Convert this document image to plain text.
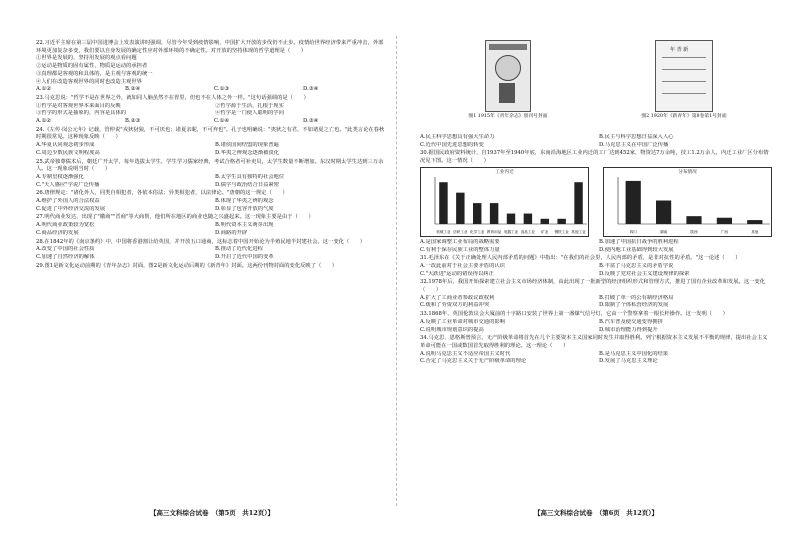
22.习近平主席在第三届中国进博会上发表演讲时强调，尽管今年受到疫情影响，中国扩大开放的步伐仍不止步。疫情给世界经济带来严重冲击，外部环境更加复杂多变，我们要以自身发展的确定性应对外部环境的不确定性。对开放的坚持体现的哲学道理是（　　）

①世界是发展的，坚持用发展的观点看问题

②运动是物质的固有属性，物质是运动的承担者

③真理都是客观的和具体的，是主观与客观的统一

④人们在改造客观世界的同时也改造主观世界

A.①②	B.②④	C.①③	D.③④

23.马克思说："哲学不是在世界之外，就如同人脑虽然不在胃里，但也不在人体之外一样。"这句话强调的是（　　）

①哲学是对客观世界本来面目的反映	②哲学源于生活，扎根于现实
③哲学的形式是抽象的，内容是具体的	④哲学是一门使人聪明的学问
A.①②	B.②③	C.①④	D.③④

24.《左传·闵公元年》记载，管仲说"戎狄豺狼，不可厌也；诸夏亲昵，不可弃也"。孔子也明确说："夷狄之有君，不如诸夏之亡也。"此类言论在春秋时期很常见。这种现象反映（　　）

A.华夏认同观念初步形成	B.诸侯国间结盟的现象普遍
C.周边少数民族文明程度高	D.华夷之辨观念逐渐被淡化

25.武帝独尊儒术后，朝廷广开太学，每年选拔太学生，学生学习儒家经典，考试合格者可补吏员，太学生数量不断增加。东汉时期太学生达到三万余人。这一现象说明当时（　　）

A.专制皇权逐渐强化	B.太学生具有独特的社会地位
C."天人感应"学说广泛传播	D.儒学与政治结合日益紧密

26.唐律规定："诸化外人，同类自相犯者，各依本俗法；异类相犯者，以法律论。"唐朝的这一规定（　　）

A.维护了外国人的合法权益	B.体现了华夷之辨的观念
C.促进了中外经济交流的发展	D.彰显了包容开放的气度

27.明代商业发达，出现了"徽商""晋商"等大商帮，他们所在地区的商业也随之兴盛起来。这一现象主要是由于（　　）

A.明代商业政策较为宽松	B.明代资本主义萌芽出现
C.商品经济的发展	D.商路的开辟

28.在1842年的《南京条约》中，中国将香港割让给英国，并开放五口通商，这标志着中国开始沦为半殖民地半封建社会。这一变化（　　）

A.改变了中国的社会性质	B.推动了近代化进程
C.加速了自然经济的解体	D.开启了近代中国的变革

29.图1是新文化运动前期的《青年杂志》封面，图2是新文化运动后期的《新青年》封面。这两份刊物封面的变化反映了（　　）

图1 1915年《青年杂志》创刊号封面
年 青 新
图2 1920年《新青年》第8卷第1号封面
A.民主科学思想具有强大生命力	B.民主与科学思想日益深入人心
C.近代中国先进思想的转变	D.马克思主义在中国广泛传播

30.据国民政府资料统计，自1937年至1940年底，东南沿海地区工业内迁的工厂达到452家，物资达7万余吨，技工1.2万余人。内迁工业厂区分布情况见下图。这一情况（　　）

工业内迁
机械工业 纺织工业 化学工业 教育用品 电器工业 食品工业 矿业 钢铁工业 其他工业
分布情况
四川	湖南	陕西	广西	其他
A.是国家调整工业布局的战略需要	B.加速了中国抗日战争的胜利进程
C.有利于保存民族工业的整体力量	D.使内地工业基础得到较大发展

31.毛泽东在《关于正确处理人民内部矛盾的问题》中指出："在我们的社会里，人民内部的矛盾，是非对抗性的矛盾。"这一论述（　　）

A.一改此前对于社会主要矛盾的认识	B.丰富了马克思主义的矛盾学说
C."大跃进"运动的错误得以纠正	D.反映了党对社会主义建设规律的探索

32.1978年后，我国开始探索建立社会主义市场经济体制，由此出现了一批新型的经济组织形式和管理方式，推进了国有企业改革和发展。这一变化（　　）

A.扩大了工商业者参政议政权利	B.打破了单一的公有制经济格局
C.缓和了劳资双方的利益冲突	D.限制了个体私营经济的发展

33.1868年，英国伦敦议会大厦前的十字路口安装了世界上第一盏煤气信号灯，它由一个警察拿着一根长杆操作。这一发明（　　）

A.反映了工业革命对城市交通的影响	B.汽车普及使交通变得拥挤
C.说明城市规划意识的提高	D.城市治理能力得到提升

34.马克思、恩格斯曾预言，无产阶级革命将首先在几个主要资本主义国家同时发生并取得胜利。列宁根据资本主义发展不平衡的规律，提出社会主义革命可能在一国或数国首先取得胜利的理论。这一理论（　　）

A.说明马克思主义不适应帝国主义时代	B.是马克思主义中国化的结果
C.否定了马克思主义关于无产阶级革命的理论	D.发展了马克思主义理论
【高三文科综合试卷　（第5页　共12页）】	【高三文科综合试卷　（第6页　共12页）】
